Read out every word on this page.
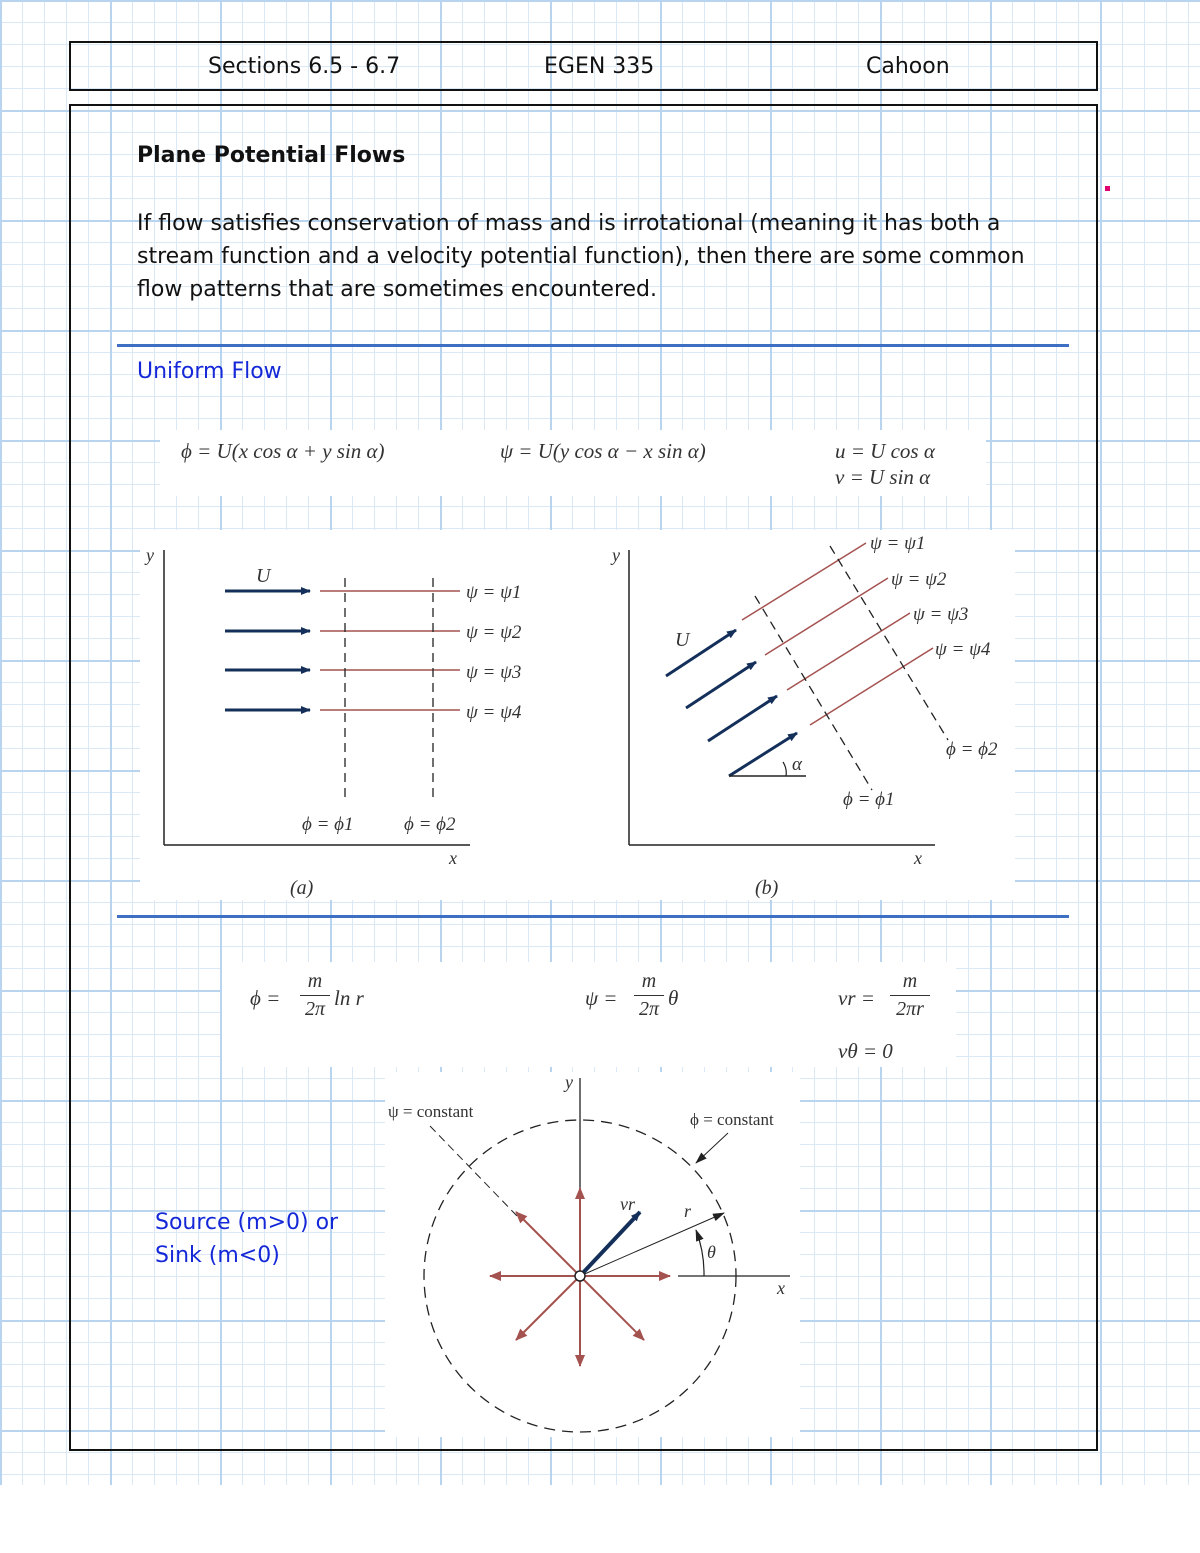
Sections 6.5 - 6.7	EGEN 335	Cahoon
Plane Potential Flows
If flow satisfies conservation of mass and is irrotational (meaning it has both a stream function and a velocity potential function), then there are some common flow patterns that are sometimes encountered.
Uniform Flow
ϕ = U(x cos α + y sin α)	ψ = U(y cos α − x sin α)	u = U cos α
v = U sin α
y
x
U
ψ = ψ1
ψ = ψ2
ψ = ψ3
ψ = ψ4
ϕ = ϕ1	ϕ = ϕ2
(a)
y
x
U
α
ψ = ψ1
ψ = ψ2
ψ = ψ3
ψ = ψ4
ϕ = ϕ1
ϕ = ϕ2
(b)
ϕ =
m
2π ln r	ψ =
m
2π θ	vr =
m
2πr
vθ = 0
Source (m>0) or
Sink (m<0)
y
x
vr	r
θ
ψ = constant	ϕ = constant
